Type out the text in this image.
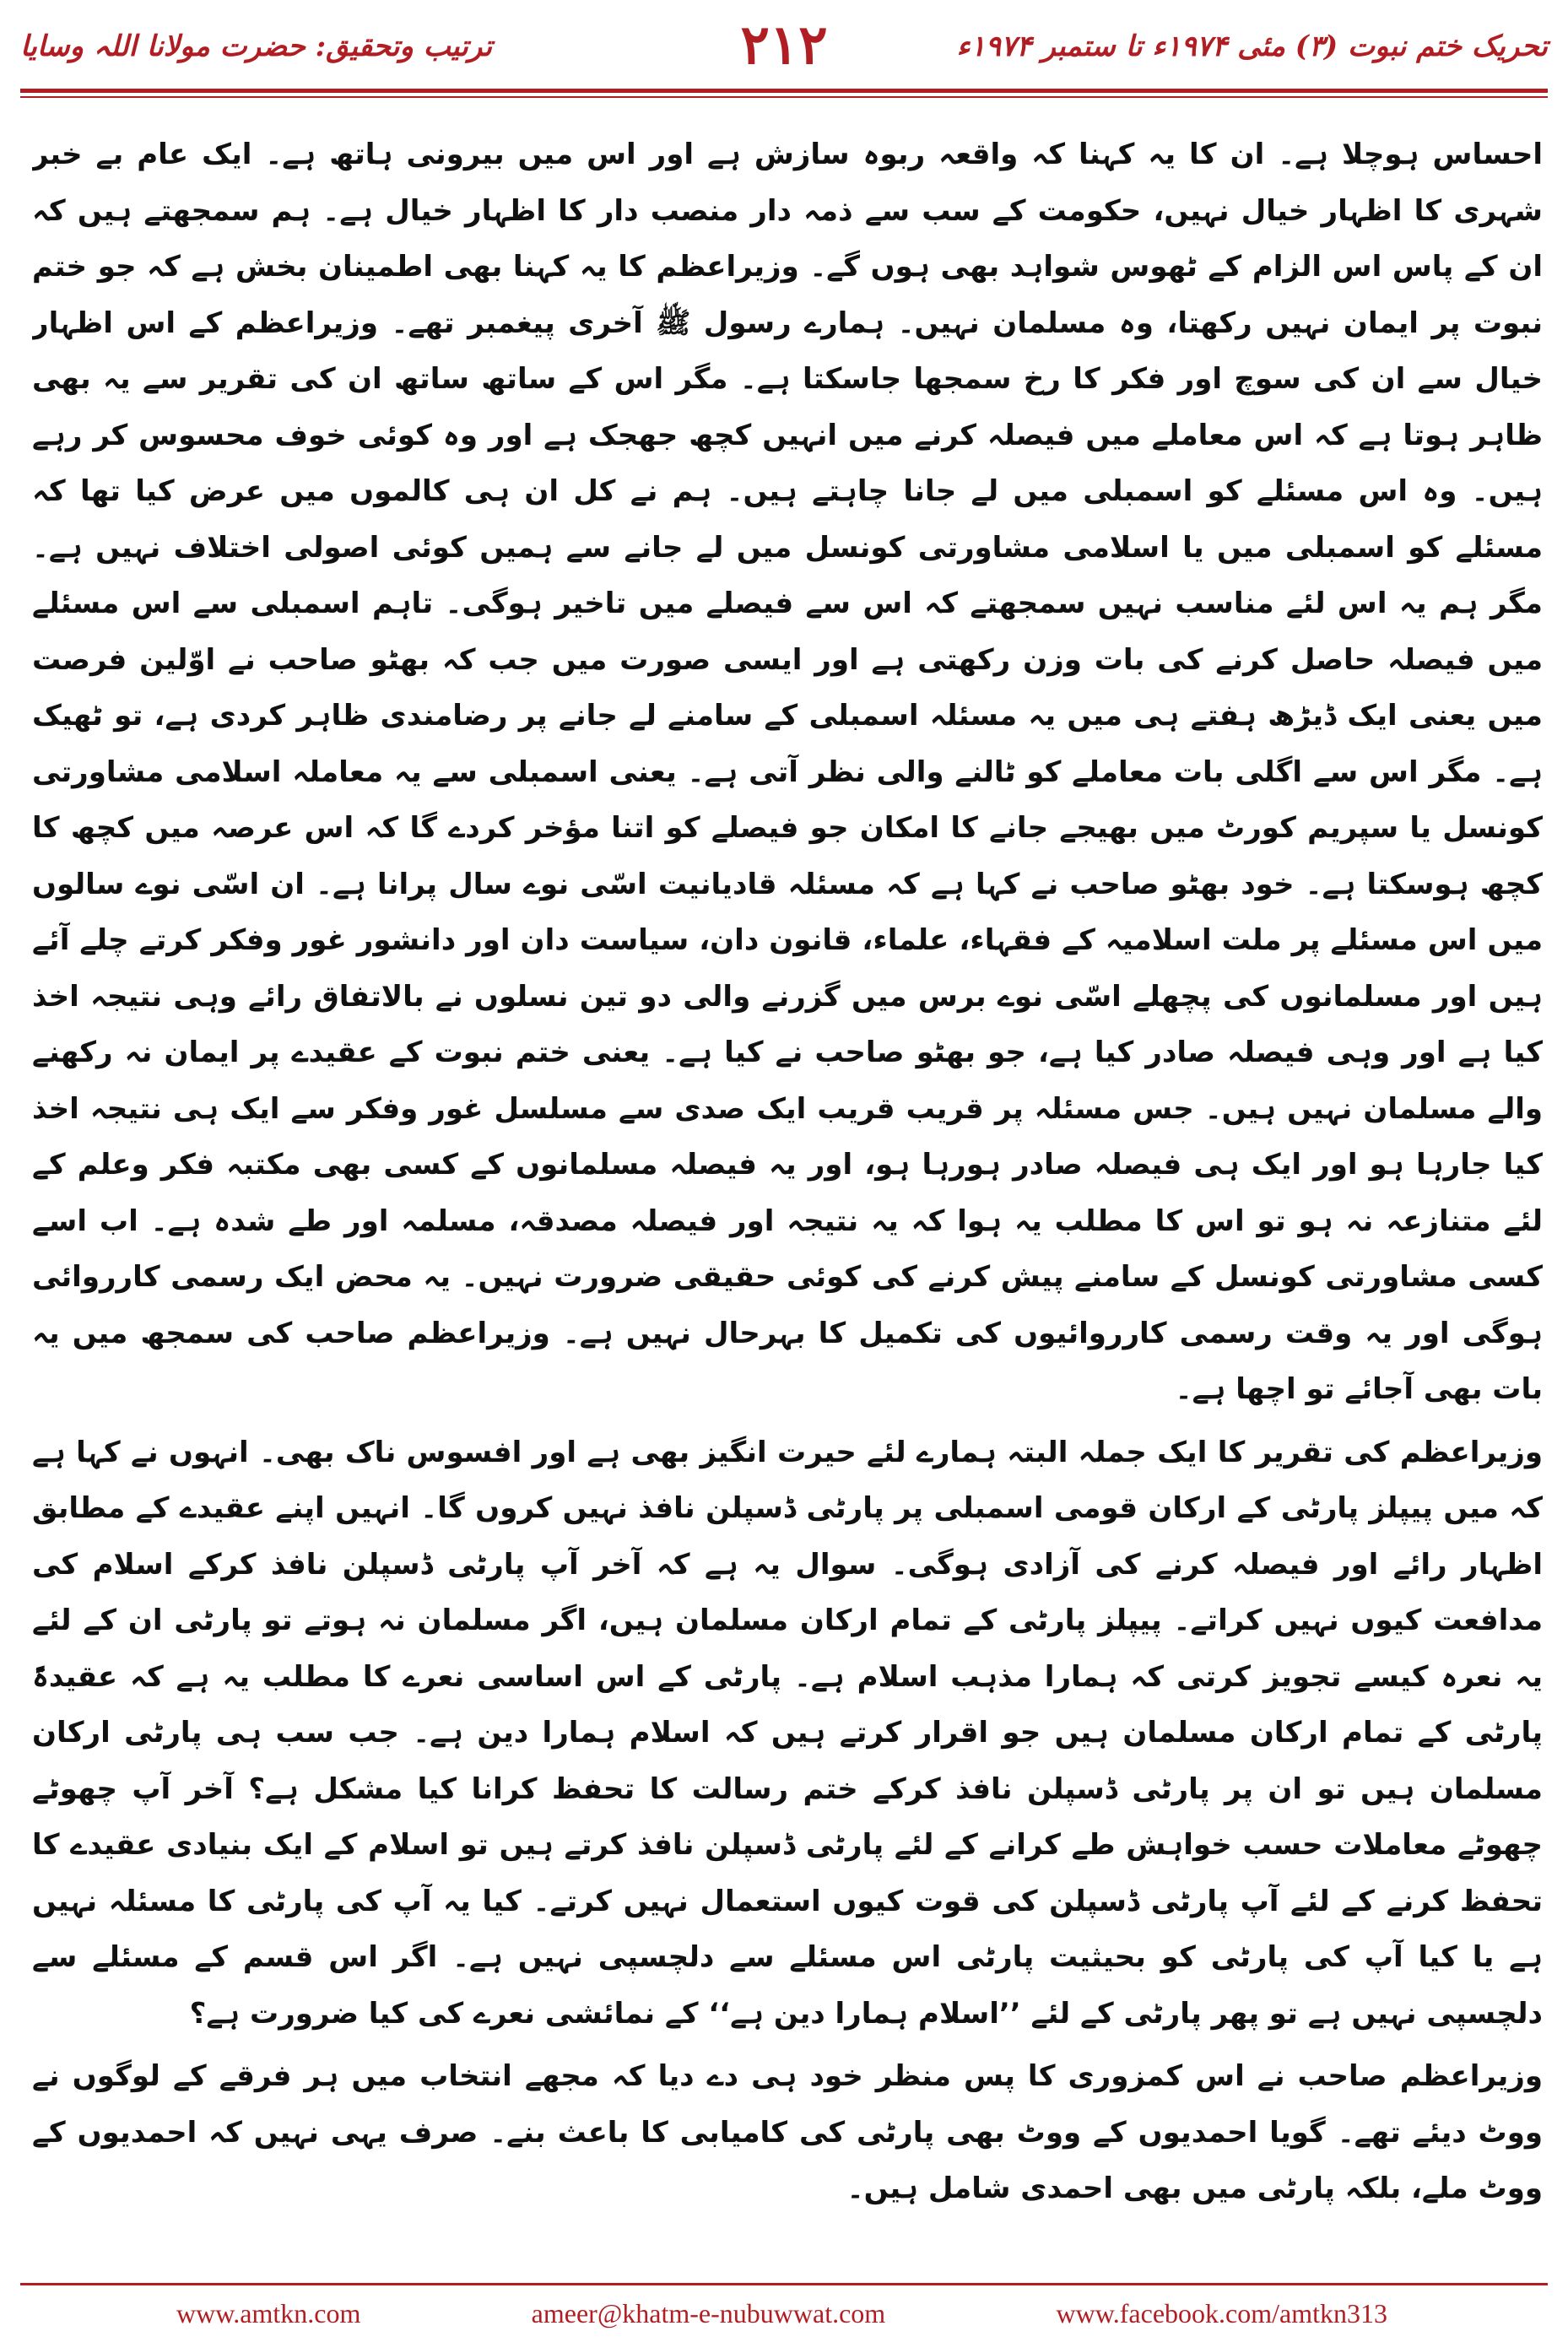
تحریک ختم نبوت (۳) مئی ۱۹۷۴ء تا ستمبر ۱۹۷۴ء
۲۱۲
ترتیب وتحقیق: حضرت مولانا اللہ وسایا

احساس ہوچلا ہے۔ ان کا یہ کہنا کہ واقعہ ربوہ سازش ہے اور اس میں بیرونی ہاتھ ہے۔ ایک عام بے خبر شہری کا اظہار خیال نہیں، حکومت کے سب سے ذمہ دار منصب دار کا اظہار خیال ہے۔ ہم سمجھتے ہیں کہ ان کے پاس اس الزام کے ٹھوس شواہد بھی ہوں گے۔ وزیراعظم کا یہ کہنا بھی اطمینان بخش ہے کہ جو ختم نبوت پر ایمان نہیں رکھتا، وہ مسلمان نہیں۔ ہمارے رسول ﷺ آخری پیغمبر تھے۔ وزیراعظم کے اس اظہار خیال سے ان کی سوچ اور فکر کا رخ سمجھا جاسکتا ہے۔ مگر اس کے ساتھ ساتھ ان کی تقریر سے یہ بھی ظاہر ہوتا ہے کہ اس معاملے میں فیصلہ کرنے میں انہیں کچھ جھجک ہے اور وہ کوئی خوف محسوس کر رہے ہیں۔ وہ اس مسئلے کو اسمبلی میں لے جانا چاہتے ہیں۔ ہم نے کل ان ہی کالموں میں عرض کیا تھا کہ مسئلے کو اسمبلی میں یا اسلامی مشاورتی کونسل میں لے جانے سے ہمیں کوئی اصولی اختلاف نہیں ہے۔ مگر ہم یہ اس لئے مناسب نہیں سمجھتے کہ اس سے فیصلے میں تاخیر ہوگی۔ تاہم اسمبلی سے اس مسئلے میں فیصلہ حاصل کرنے کی بات وزن رکھتی ہے اور ایسی صورت میں جب کہ بھٹو صاحب نے اوّلین فرصت میں یعنی ایک ڈیڑھ ہفتے ہی میں یہ مسئلہ اسمبلی کے سامنے لے جانے پر رضامندی ظاہر کردی ہے، تو ٹھیک ہے۔ مگر اس سے اگلی بات معاملے کو ٹالنے والی نظر آتی ہے۔ یعنی اسمبلی سے یہ معاملہ اسلامی مشاورتی کونسل یا سپریم کورٹ میں بھیجے جانے کا امکان جو فیصلے کو اتنا مؤخر کردے گا کہ اس عرصہ میں کچھ کا کچھ ہوسکتا ہے۔ خود بھٹو صاحب نے کہا ہے کہ مسئلہ قادیانیت اسّی نوے سال پرانا ہے۔ ان اسّی نوے سالوں میں اس مسئلے پر ملت اسلامیہ کے فقہاء، علماء، قانون دان، سیاست دان اور دانشور غور وفکر کرتے چلے آئے ہیں اور مسلمانوں کی پچھلے اسّی نوے برس میں گزرنے والی دو تین نسلوں نے بالاتفاق رائے وہی نتیجہ اخذ کیا ہے اور وہی فیصلہ صادر کیا ہے، جو بھٹو صاحب نے کیا ہے۔ یعنی ختم نبوت کے عقیدے پر ایمان نہ رکھنے والے مسلمان نہیں ہیں۔ جس مسئلہ پر قریب قریب ایک صدی سے مسلسل غور وفکر سے ایک ہی نتیجہ اخذ کیا جارہا ہو اور ایک ہی فیصلہ صادر ہورہا ہو، اور یہ فیصلہ مسلمانوں کے کسی بھی مکتبہ فکر وعلم کے لئے متنازعہ نہ ہو تو اس کا مطلب یہ ہوا کہ یہ نتیجہ اور فیصلہ مصدقہ، مسلمہ اور طے شدہ ہے۔ اب اسے کسی مشاورتی کونسل کے سامنے پیش کرنے کی کوئی حقیقی ضرورت نہیں۔ یہ محض ایک رسمی کارروائی ہوگی اور یہ وقت رسمی کارروائیوں کی تکمیل کا بہرحال نہیں ہے۔ وزیراعظم صاحب کی سمجھ میں یہ بات بھی آجائے تو اچھا ہے۔

وزیراعظم کی تقریر کا ایک جملہ البتہ ہمارے لئے حیرت انگیز بھی ہے اور افسوس ناک بھی۔ انہوں نے کہا ہے کہ میں پیپلز پارٹی کے ارکان قومی اسمبلی پر پارٹی ڈسپلن نافذ نہیں کروں گا۔ انہیں اپنے عقیدے کے مطابق اظہار رائے اور فیصلہ کرنے کی آزادی ہوگی۔ سوال یہ ہے کہ آخر آپ پارٹی ڈسپلن نافذ کرکے اسلام کی مدافعت کیوں نہیں کراتے۔ پیپلز پارٹی کے تمام ارکان مسلمان ہیں، اگر مسلمان نہ ہوتے تو پارٹی ان کے لئے یہ نعرہ کیسے تجویز کرتی کہ ہمارا مذہب اسلام ہے۔ پارٹی کے اس اساسی نعرے کا مطلب یہ ہے کہ عقیدۃً پارٹی کے تمام ارکان مسلمان ہیں جو اقرار کرتے ہیں کہ اسلام ہمارا دین ہے۔ جب سب ہی پارٹی ارکان مسلمان ہیں تو ان پر پارٹی ڈسپلن نافذ کرکے ختم رسالت کا تحفظ کرانا کیا مشکل ہے؟ آخر آپ چھوٹے چھوٹے معاملات حسب خواہش طے کرانے کے لئے پارٹی ڈسپلن نافذ کرتے ہیں تو اسلام کے ایک بنیادی عقیدے کا تحفظ کرنے کے لئے آپ پارٹی ڈسپلن کی قوت کیوں استعمال نہیں کرتے۔ کیا یہ آپ کی پارٹی کا مسئلہ نہیں ہے یا کیا آپ کی پارٹی کو بحیثیت پارٹی اس مسئلے سے دلچسپی نہیں ہے۔ اگر اس قسم کے مسئلے سے دلچسپی نہیں ہے تو پھر پارٹی کے لئے ’’اسلام ہمارا دین ہے‘‘ کے نمائشی نعرے کی کیا ضرورت ہے؟

وزیراعظم صاحب نے اس کمزوری کا پس منظر خود ہی دے دیا کہ مجھے انتخاب میں ہر فرقے کے لوگوں نے ووٹ دیئے تھے۔ گویا احمدیوں کے ووٹ بھی پارٹی کی کامیابی کا باعث بنے۔ صرف یہی نہیں کہ احمدیوں کے ووٹ ملے، بلکہ پارٹی میں بھی احمدی شامل ہیں۔

www.amtkn.com	ameer@khatm-e-nubuwwat.com	www.facebook.com/amtkn313
